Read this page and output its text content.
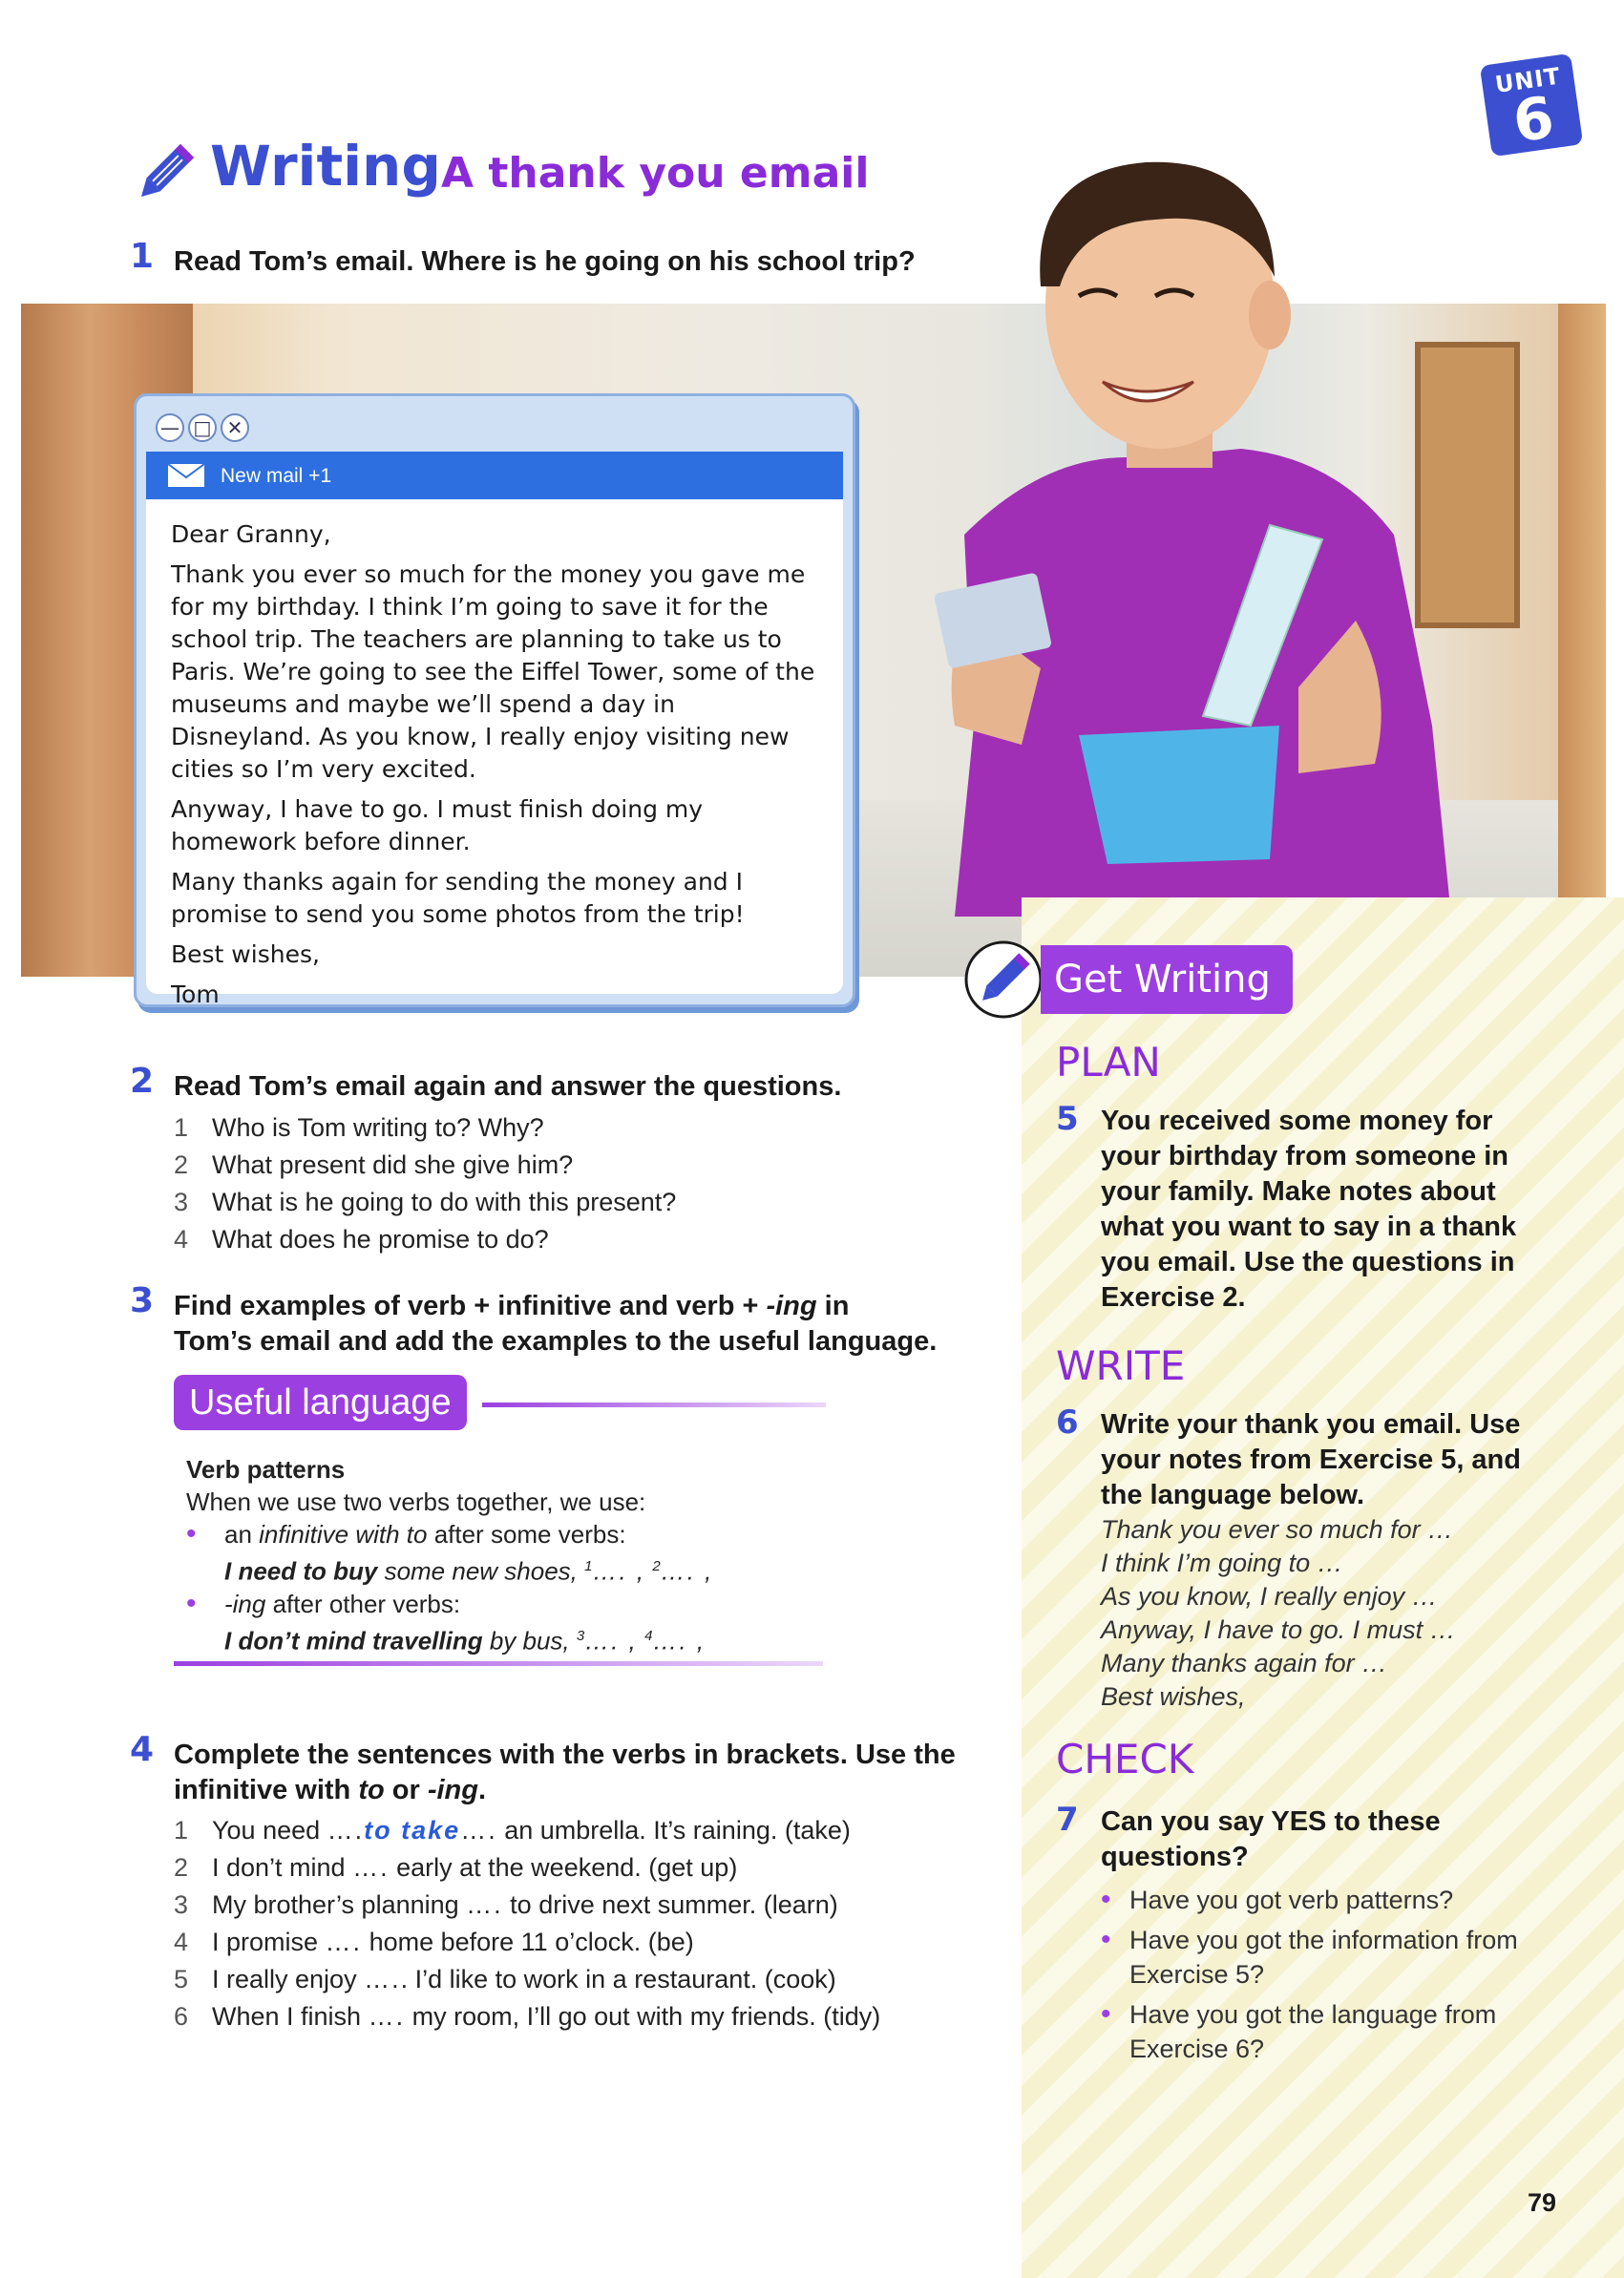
UNIT
6
Writing A thank you email
1 Read Tom’s email. Where is he going on his school trip?
— □ ✕
New mail +1

Dear Granny,

Thank you ever so much for the money you gave me for my birthday. I think I’m going to save it for the school trip. The teachers are planning to take us to Paris. We’re going to see the Eiffel Tower, some of the museums and maybe we’ll spend a day in Disneyland. As you know, I really enjoy visiting new cities so I’m very excited.

Anyway, I have to go. I must finish doing my homework before dinner.

Many thanks again for sending the money and I promise to send you some photos from the trip!

Best wishes,

Tom

2 Read Tom’s email again and answer the questions.
1 Who is Tom writing to? Why?
2 What present did she give him?
3 What is he going to do with this present?
4 What does he promise to do?
3 Find examples of verb + infinitive and verb + -ing in
Tom’s email and add the examples to the useful language.
Useful language
Verb patterns
When we use two verbs together, we use:
• an infinitive with to after some verbs:
I need to buy some new shoes, $^1$…. , $^2$…. ,
• -ing after other verbs:
I don’t mind travelling by bus, $^3$…. , $^4$…. ,
4 Complete the sentences with the verbs in brackets. Use the
infinitive with to or -ing.
1 You need ….to take…. an umbrella. It’s raining. (take)
2 I don’t mind …. early at the weekend. (get up)
3 My brother’s planning …. to drive next summer. (learn)
4 I promise …. home before 11 o’clock. (be)
5 I really enjoy ….. I’d like to work in a restaurant. (cook)
6 When I finish …. my room, I’ll go out with my friends. (tidy)
Get Writing
PLAN
5 You received some money for your birthday from someone in your family. Make notes about what you want to say in a thank you email. Use the questions in Exercise 2.
WRITE
6 Write your thank you email. Use your notes from Exercise 5, and the language below.
Thank you ever so much for …
I think I’m going to …
As you know, I really enjoy …
Anyway, I have to go. I must …
Many thanks again for …
Best wishes,
CHECK
7 Can you say YES to these questions?
• Have you got verb patterns?
• Have you got the information from Exercise 5?
• Have you got the language from Exercise 6?
79
